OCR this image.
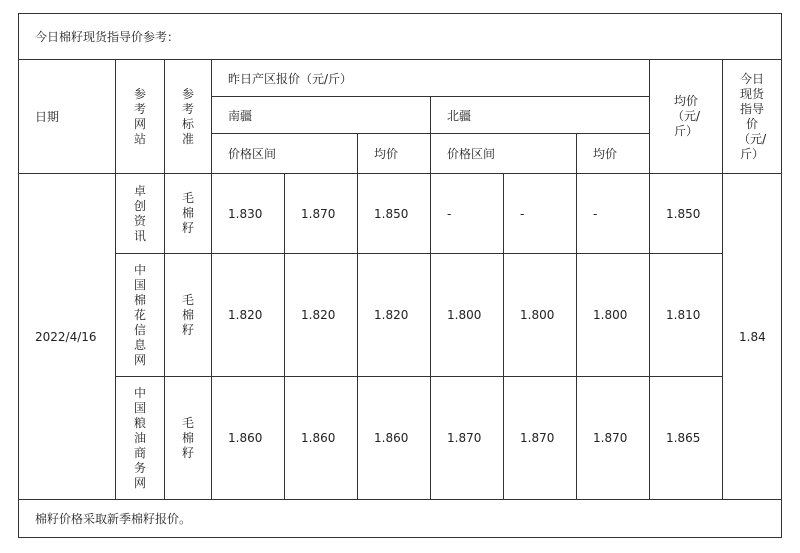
今日棉籽现货指导价参考：										
日期	参考网站	参考标准	昨日产区报价（元/斤）						均价（元/斤）	今日现货指导价（元/斤）
			南疆			北疆				
			价格区间		均价	价格区间		均价		
2022/4/16	卓创资讯	毛棉籽	1.830	1.870	1.850	-	-	-	1.850	1.84
	中国棉花信息网	毛棉籽	1.820	1.820	1.820	1.800	1.800	1.800	1.810	
	中国粮油商务网	毛棉籽	1.860	1.860	1.860	1.870	1.870	1.870	1.865	
棉籽价格采取新季棉籽报价。										
